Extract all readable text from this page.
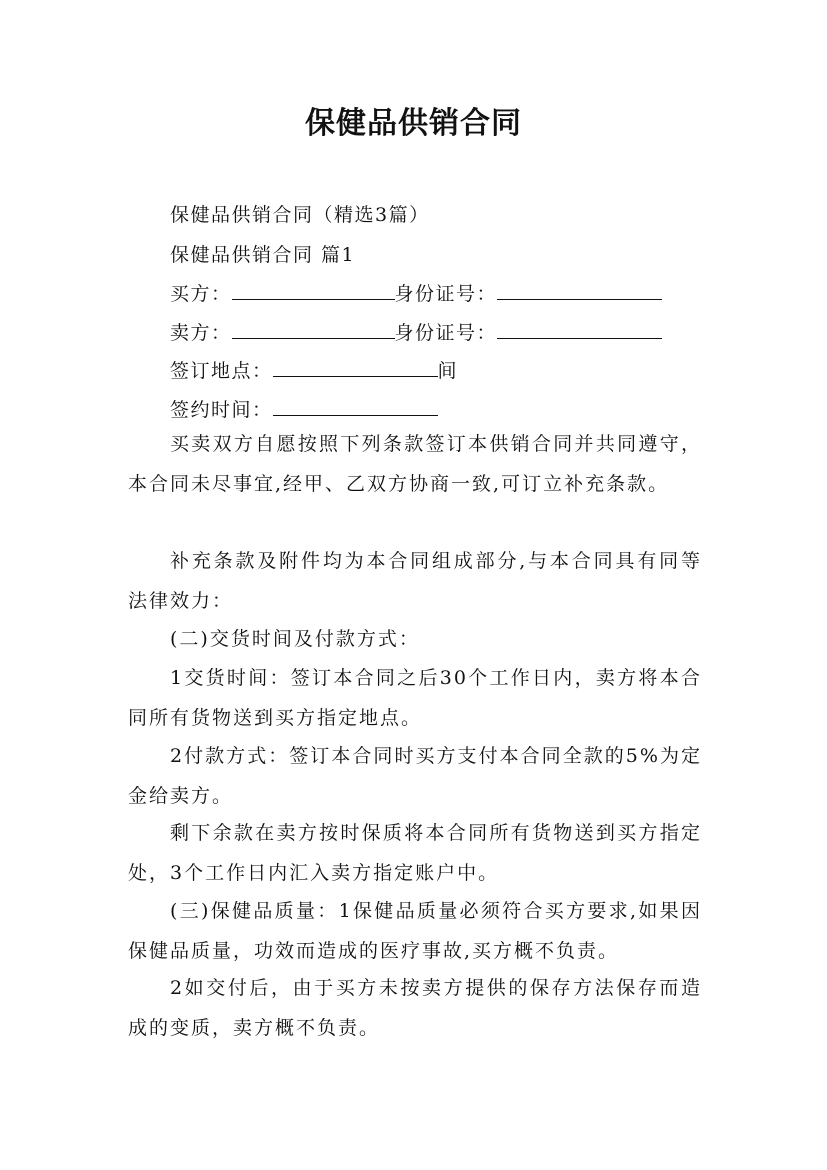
保健品供销合同
保健品供销合同（精选3篇）
保健品供销合同 篇1
买方：	身份证号：
卖方：	身份证号：
签订地点：	间
签约时间：
买卖双方自愿按照下列条款签订本供销合同并共同遵守，本合同未尽事宜,经甲、乙双方协商一致,可订立补充条款。
补充条款及附件均为本合同组成部分,与本合同具有同等法律效力：
(二)交货时间及付款方式：
1交货时间：签订本合同之后30个工作日内，卖方将本合同所有货物送到买方指定地点。
2付款方式：签订本合同时买方支付本合同全款的5%为定金给卖方。
剩下余款在卖方按时保质将本合同所有货物送到买方指定处，3个工作日内汇入卖方指定账户中。
(三)保健品质量：1保健品质量必须符合买方要求,如果因保健品质量，功效而造成的医疗事故,买方概不负责。
2如交付后，由于买方未按卖方提供的保存方法保存而造成的变质，卖方概不负责。
